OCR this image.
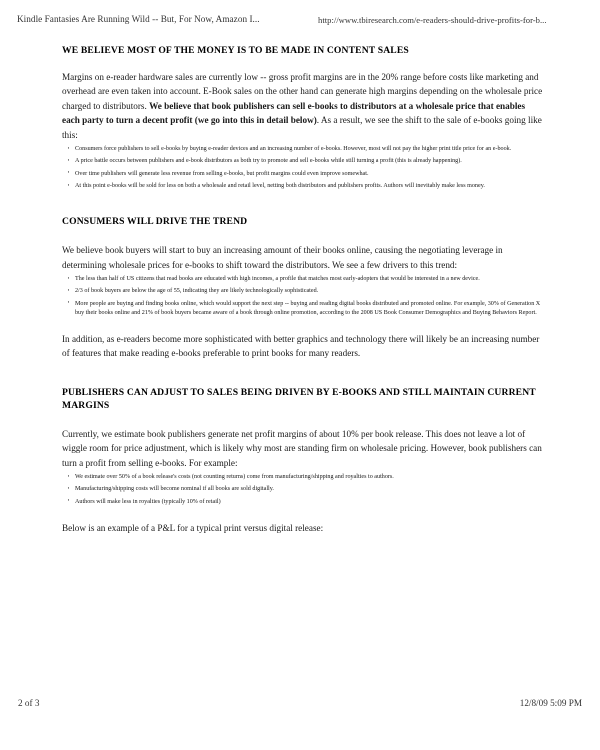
Kindle Fantasies Are Running Wild -- But, For Now, Amazon I...	http://www.tbiresearch.com/e-readers-should-drive-profits-for-b...
WE BELIEVE MOST OF THE MONEY IS TO BE MADE IN CONTENT SALES

Margins on e-reader hardware sales are currently low -- gross profit margins are in the 20% range before costs like marketing and overhead are even taken into account. E-Book sales on the other hand can generate high margins depending on the wholesale price charged to distributors. We believe that book publishers can sell e-books to distributors at a wholesale price that enables each party to turn a decent profit (we go into this in detail below). As a result, we see the shift to the sale of e-books going like this:

· Consumers force publishers to sell e-books by buying e-reader devices and an increasing number of e-books. However, most will not pay the higher print title price for an e-book.
· A price battle occurs between publishers and e-book distributors as both try to promote and sell e-books while still turning a profit (this is already happening).
· Over time publishers will generate less revenue from selling e-books, but profit margins could even improve somewhat.
· At this point e-books will be sold for less on both a wholesale and retail level, netting both distributors and publishers profits. Authors will inevitably make less money.
CONSUMERS WILL DRIVE THE TREND

We believe book buyers will start to buy an increasing amount of their books online, causing the negotiating leverage in determining wholesale prices for e-books to shift toward the distributors. We see a few drivers to this trend:

· The less than half of US citizens that read books are educated with high incomes, a profile that matches most early-adopters that would be interested in a new device.
· 2/3 of book buyers are below the age of 55, indicating they are likely technologically sophisticated.
· More people are buying and finding books online, which would support the next step -- buying and reading digital books distributed and promoted online. For example, 30% of Generation X buy their books online and 21% of book buyers became aware of a book through online promotion, according to the 2008 US Book Consumer Demographics and Buying Behaviors Report.

In addition, as e-readers become more sophisticated with better graphics and technology there will likely be an increasing number of features that make reading e-books preferable to print books for many readers.

PUBLISHERS CAN ADJUST TO SALES BEING DRIVEN BY E-BOOKS AND STILL MAINTAIN CURRENT MARGINS

Currently, we estimate book publishers generate net profit margins of about 10% per book release. This does not leave a lot of wiggle room for price adjustment, which is likely why most are standing firm on wholesale pricing. However, book publishers can turn a profit from selling e-books. For example:

· We estimate over 50% of a book release's costs (not counting returns) come from manufacturing/shipping and royalties to authors.
· Manufacturing/shipping costs will become nominal if all books are sold digitally.
· Authors will make less in royalties (typically 10% of retail)

Below is an example of a P&L for a typical print versus digital release:

2 of 3	12/8/09 5:09 PM
